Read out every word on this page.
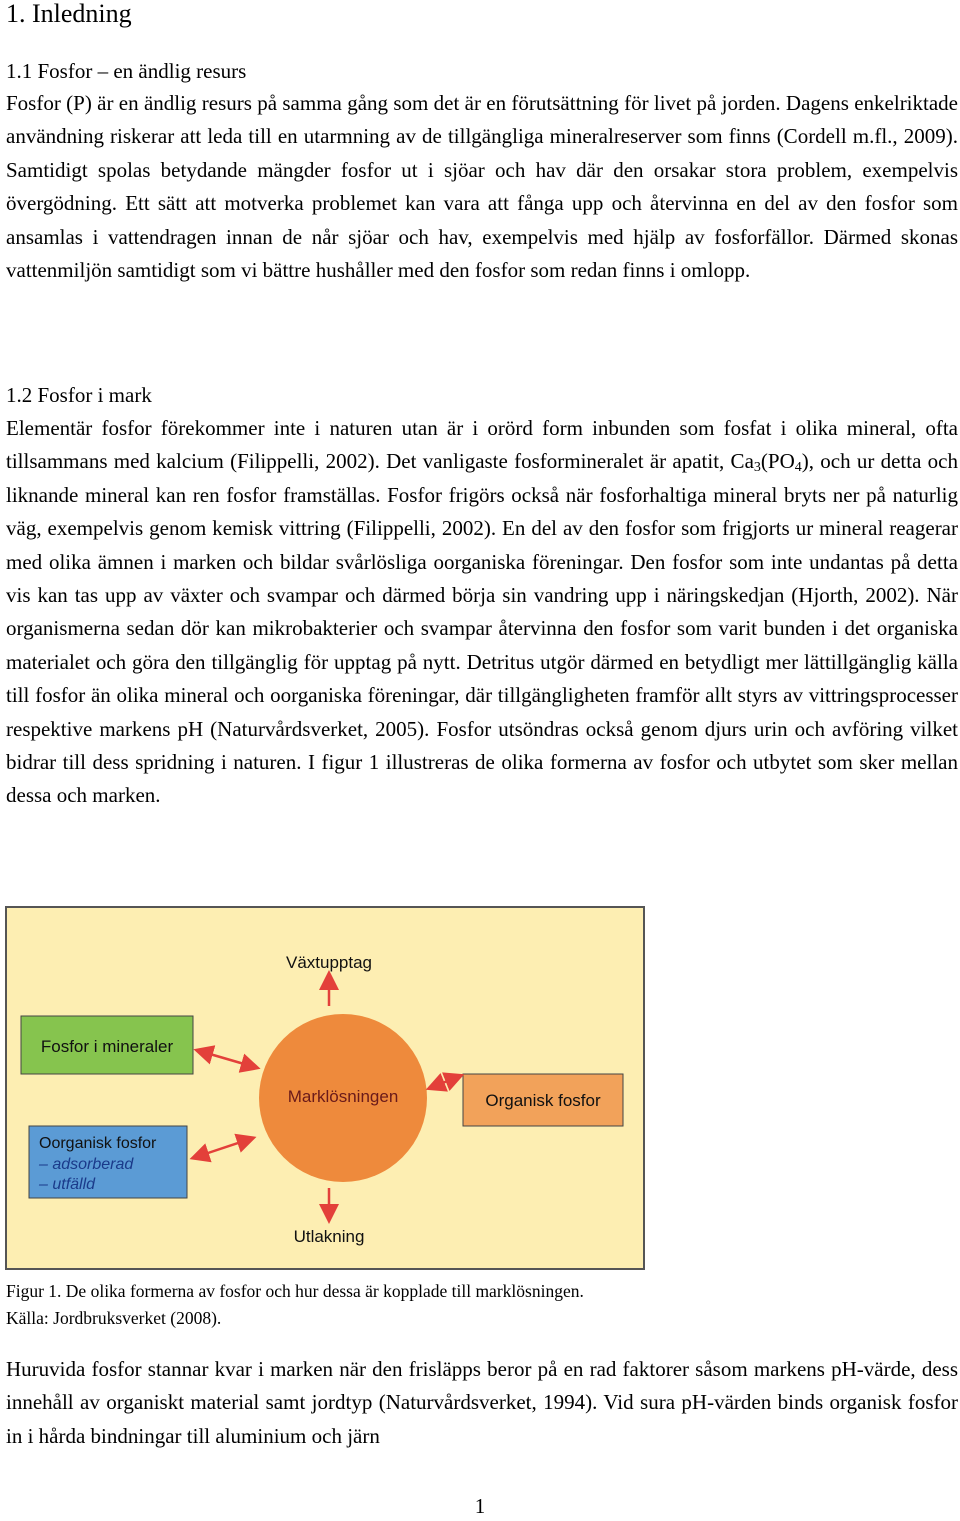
1. Inledning

1.1 Fosfor – en ändlig resurs

Fosfor (P) är en ändlig resurs på samma gång som det är en förutsättning för livet på jorden. Dagens enkelriktade användning riskerar att leda till en utarmning av de tillgängliga mineralreserver som finns (Cordell m.fl., 2009). Samtidigt spolas betydande mängder fosfor ut i sjöar och hav där den orsakar stora problem, exempelvis övergödning. Ett sätt att motverka problemet kan vara att fånga upp och återvinna en del av den fosfor som ansamlas i vattendragen innan de når sjöar och hav, exempelvis med hjälp av fosforfällor. Därmed skonas vattenmiljön samtidigt som vi bättre hushåller med den fosfor som redan finns i omlopp.

1.2 Fosfor i mark

Elementär fosfor förekommer inte i naturen utan är i orörd form inbunden som fosfat i olika mineral, ofta tillsammans med kalcium (Filippelli, 2002). Det vanligaste fosformineralet är apatit, $Ca_3(PO_4)$, och ur detta och liknande mineral kan ren fosfor framställas. Fosfor frigörs också när fosforhaltiga mineral bryts ner på naturlig väg, exempelvis genom kemisk vittring (Filippelli, 2002). En del av den fosfor som frigjorts ur mineral reagerar med olika ämnen i marken och bildar svårlösliga oorganiska föreningar. Den fosfor som inte undantas på detta vis kan tas upp av växter och svampar och därmed börja sin vandring upp i näringskedjan (Hjorth, 2002). När organismerna sedan dör kan mikrobakterier och svampar återvinna den fosfor som varit bunden i det organiska materialet och göra den tillgänglig för upptag på nytt. Detritus utgör därmed en betydligt mer lättillgänglig källa till fosfor än olika mineral och oorganiska föreningar, där tillgängligheten framför allt styrs av vittringsprocesser respektive markens pH (Naturvårdsverket, 2005). Fosfor utsöndras också genom djurs urin och avföring vilket bidrar till dess spridning i naturen. I figur 1 illustreras de olika formerna av fosfor och utbytet som sker mellan dessa och marken.

Marklösningen
Växtupptag
Utlakning
Fosfor i mineraler
Organisk fosfor
Oorganisk fosfor
– adsorberad
– utfälld

Figur 1. De olika formerna av fosfor och hur dessa är kopplade till marklösningen.

Källa: Jordbruksverket (2008).

Huruvida fosfor stannar kvar i marken när den frisläpps beror på en rad faktorer såsom markens pH-värde, dess innehåll av organiskt material samt jordtyp (Naturvårdsverket, 1994). Vid sura pH-värden binds organisk fosfor in i hårda bindningar till aluminium och järn

1
